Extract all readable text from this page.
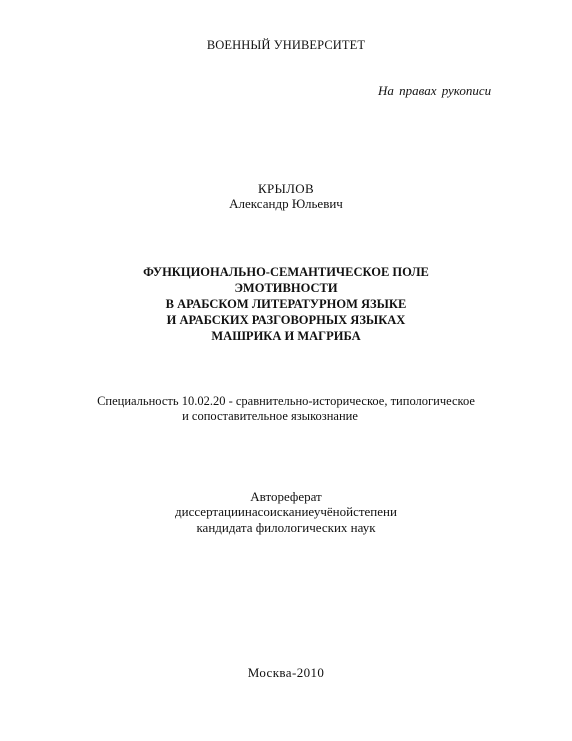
ВОЕННЫЙ УНИВЕРСИТЕТ
На правах рукописи
КРЫЛОВ
Александр Юльевич
ФУНКЦИОНАЛЬНО-СЕМАНТИЧЕСКОЕ ПОЛЕ
ЭМОТИВНОСТИ
В АРАБСКОМ ЛИТЕРАТУРНОМ ЯЗЫКЕ
И АРАБСКИХ РАЗГОВОРНЫХ ЯЗЫКАХ
МАШРИКА И МАГРИБА
Специальность 10.02.20 - сравнительно-историческое, типологическое
и сопоставительное языкознание
Автореферат
диссертациинасоисканиеучёнойстепени
кандидата филологических наук
Москва-2010
